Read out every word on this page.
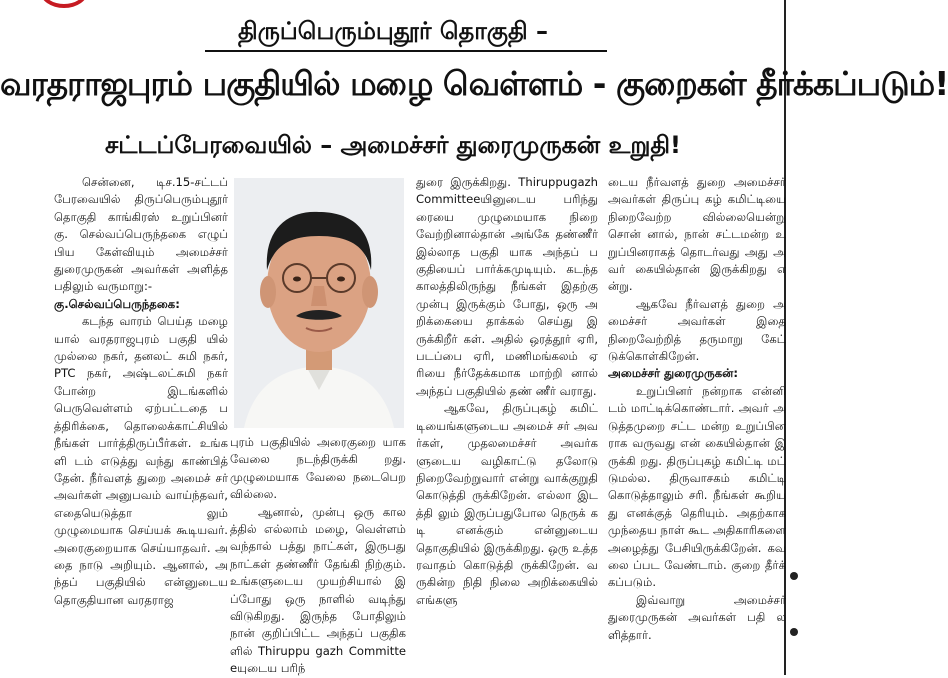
திருப்பெரும்புதூர் தொகுதி –
வரதராஜபுரம் பகுதியில் மழை வெள்ளம் - குறைகள் தீர்க்கப்படும்!
சட்டப்பேரவையில் – அமைச்சர் துரைமுருகன் உறுதி!

சென்னை, டிச.15-சட்டப் பேரவையில் திருப்பெரும்புதூர் தொகுதி காங்கிரஸ் உறுப்பினர் கு. செல்வப்பெருந்தகை எழுப் பிய கேள்வியும் அமைச்சர் துரைமுருகன் அவர்கள் அளித்த பதிலும் வருமாறு:-

கு.செல்வப்பெருந்தகை:

கடந்த வாரம் பெய்த மழை யால் வரதராஜபுரம் பகுதி யில் முல்லை நகர், தனலட் சுமி நகர், PTC நகர், அஷ்டலட்சுமி நகர் போன்ற இடங்களில் பெருவெள்ளம் ஏற்பட்டதை பத்திரிக்கை, தொலைக்காட்சியில் நீங்கள் பார்த்திருப்பீர்கள். உங்களி டம் எடுத்து வந்து காண்பித் தேன். நீர்வளத் துறை அமைச் சர் அவர்கள் அனுபவம் வாய்ந்தவர், எதையெடுத்தா லும் முழுமையாக செய்யக் கூடியவர். அரைகுறையாக செய்யாதவர். அதை நாடு அறியும். ஆனால், அந்தப் பகுதியில் என்னுடைய தொகுதியான வரதராஜ

புரம் பகுதியில் அரைகுறை யாக வேலை நடந்திருக்கி றது. முழுமையாக வேலை நடைபெறவில்லை.

ஆனால், முன்பு ஒரு காலத்தில் எல்லாம் மழை, வெள்ளம் வந்தால் பத்து நாட்கள், இருபது நாட்கள் தண்ணீர் தேங்கி நிற்கும். உங்களுடைய முயற்சியால் இப்போது ஒரு நாளில் வடிந்து விடுகிறது. இருந்த போதிலும் நான் குறிப்பிட்ட அந்தப் பகுதிகளில் Thiruppu gazh Committeeயுடைய பரிந்

துரை இருக்கிறது. Thiruppugazh Committeeயினுடைய பரிந்து ரையை முழுமையாக நிறை வேற்றினால்தான் அங்கே தண்ணீர் இல்லாத பகுதி யாக அந்தப் பகுதியைப் பார்க்கமுடியும். கடந்த காலத்திலிருந்து நீங்கள் இதற்கு முன்பு இருக்கும் போது, ஒரு அறிக்கையை தாக்கல் செய்து இருக்கிறீர் கள். அதில் ஒரத்தூர் ஏரி, படப்பை ஏரி, மணிமங்கலம் ஏரியை நீர்தேக்கமாக மாற்றி னால் அந்தப் பகுதியில் தண் ணீர் வராது.

ஆகவே, திருப்புகழ் கமிட் டியைங்களுடைய அமைச் சர் அவர்கள், முதலமைச்சர் அவர்களுடைய வழிகாட்டு தலோடு நிறைவேற்றுவார் என்று வாக்குறுதி கொடுத்தி ருக்கிறேன். எல்லா இடத்தி லும் இருப்பதுபோல நெருக் கடி எனக்கும் என்னுடைய தொகுதியில் இருக்கிறது. ஒரு உத்தரவாதம் கொடுத்தி ருக்கிறேன். வருகின்ற நிதி நிலை அறிக்கையில் எங்களு

டைய நீர்வளத் துறை அமைச்சர் அவர்கள் திருப்பு கழ் கமிட்டியை நிறைவேற்ற வில்லையென்று சொன் னால், நான் சட்டமன்ற உறுப்பினராகத் தொடர்வது அது அவர் கையில்தான் இருக்கிறது என்று.

ஆகவே நீர்வளத் துறை அமைச்சர் அவர்கள் இதை நிறைவேற்றித் தருமாறு கேட் டுக்கொள்கிறேன்.

அமைச்சர் துரைமுருகன்:

உறுப்பினர் நன்றாக என்னி டம் மாட்டிக்கொண்டார். அவர் அடுத்தமுறை சட்ட மன்ற உறுப்பினராக வருவது என் கையில்தான் இருக்கி றது. திருப்புகழ் கமிட்டி மட் டுமல்ல. திருவாசகம் கமிட்டி கொடுத்தாலும் சரி. நீங்கள் கூறியது எனக்குத் தெரியும். அதற்காக முந்தைய நாள் கூட அதிகாரிகளை அழைத்து பேசியிருக்கிறேன். கவலை ப்பட வேண்டாம். குறை தீர்க் கப்படும்.

இவ்வாறு அமைச்சர் துரைமுருகன் அவர்கள் பதி லளித்தார்.
